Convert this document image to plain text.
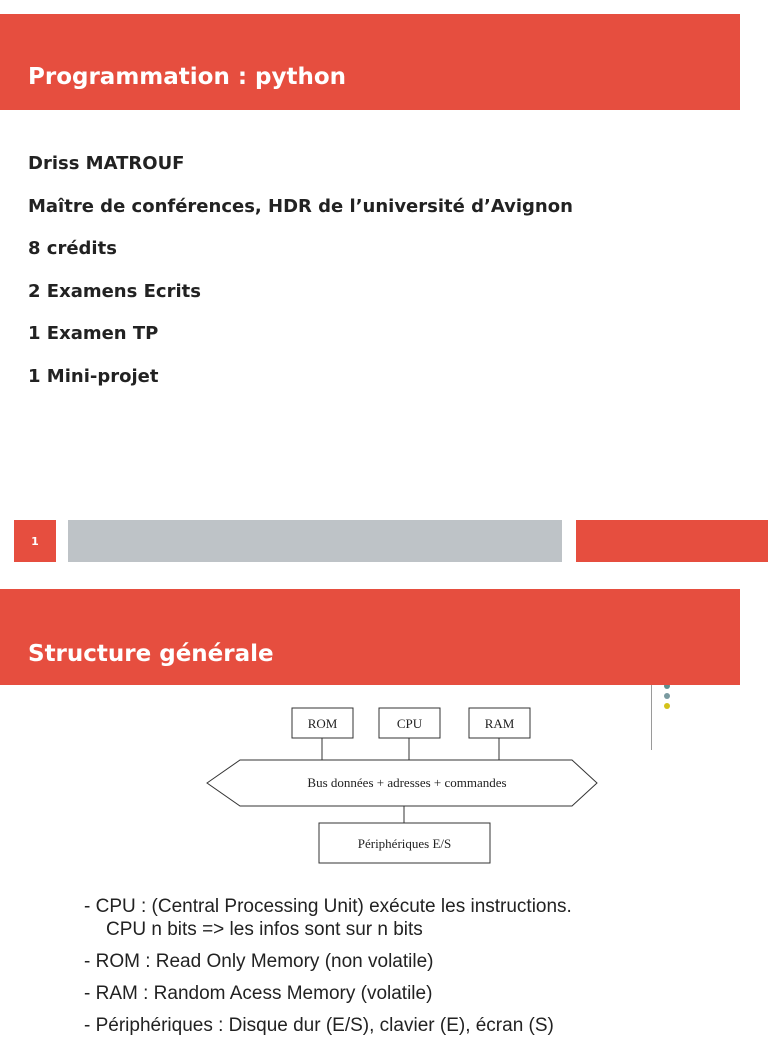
Programmation : python
Driss MATROUF
Maître de conférences, HDR de l’université d’Avignon
8 crédits
2 Examens Ecrits
1 Examen TP
1 Mini-projet
1
Structure générale
ROM	CPU	RAM
Bus données + adresses + commandes
Périphériques E/S
- CPU : (Central Processing Unit) exécute les instructions.
CPU n bits => les infos sont sur n bits
- ROM : Read Only Memory (non volatile)
- RAM : Random Acess Memory (volatile)
- Périphériques : Disque dur (E/S), clavier (E), écran (S)
